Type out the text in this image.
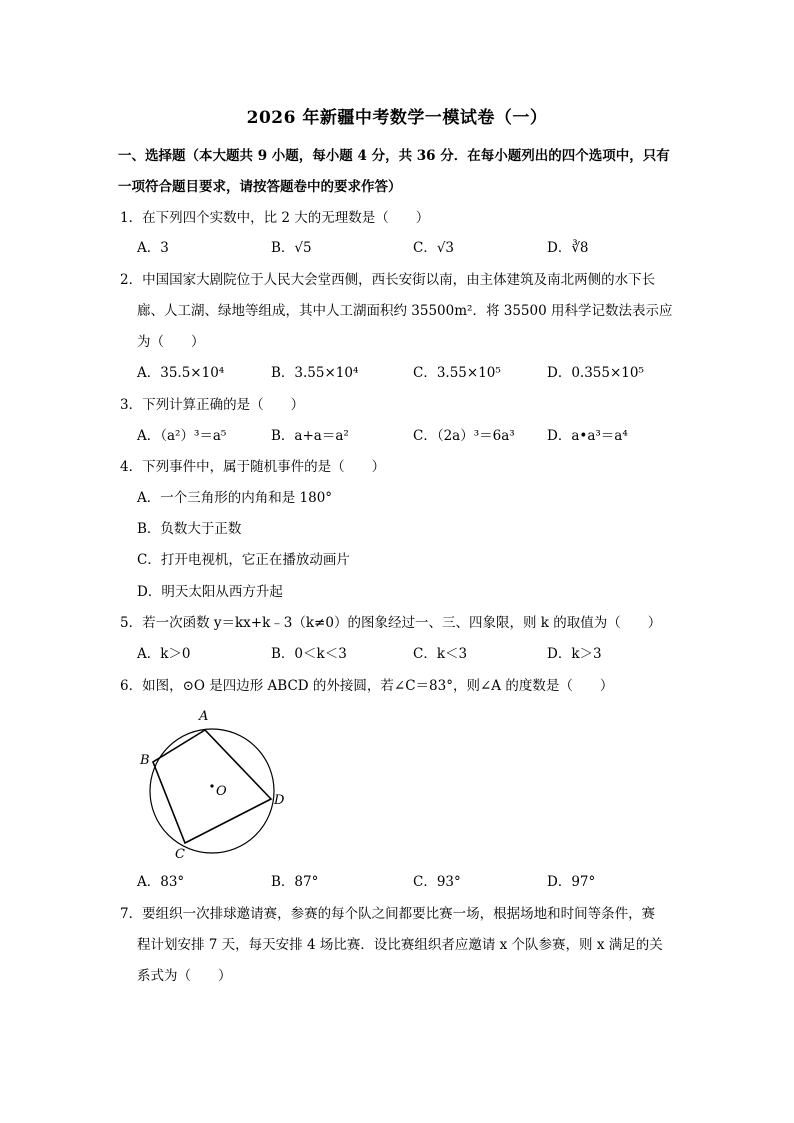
2026 年新疆中考数学一模试卷（一）
一、选择题（本大题共 9 小题，每小题 4 分，共 36 分．在每小题列出的四个选项中，只有
一项符合题目要求，请按答题卷中的要求作答）
1．在下列四个实数中，比 2 大的无理数是（　　）
A．3	B．√5	C．√3	D．∛8
2．中国国家大剧院位于人民大会堂西侧，西长安街以南，由主体建筑及南北两侧的水下长
廊、人工湖、绿地等组成，其中人工湖面积约 35500m²．将 35500 用科学记数法表示应
为（　　）
A．35.5×10⁴	B．3.55×10⁴	C．3.55×10⁵	D．0.355×10⁵
3．下列计算正确的是（　　）
A．（a²）³＝a⁵	B．a+a＝a²	C．（2a）³＝6a³ D．a•a³＝a⁴
4．下列事件中，属于随机事件的是（　　）
A．一个三角形的内角和是 180°
B．负数大于正数
C．打开电视机，它正在播放动画片
D．明天太阳从西方升起
5．若一次函数 y＝kx+k﹣3（k≠0）的图象经过一、三、四象限，则 k 的取值为（　　）
A．k＞0	B．0＜k＜3	C．k＜3	D．k＞3
6．如图，⊙O 是四边形 ABCD 的外接圆，若∠C＝83°，则∠A 的度数是（　　）
A
B
C
D
O
A．83°	B．87°	C．93°	D．97°
7．要组织一次排球邀请赛，参赛的每个队之间都要比赛一场，根据场地和时间等条件，赛
程计划安排 7 天，每天安排 4 场比赛．设比赛组织者应邀请 x 个队参赛，则 x 满足的关
系式为（　　）
